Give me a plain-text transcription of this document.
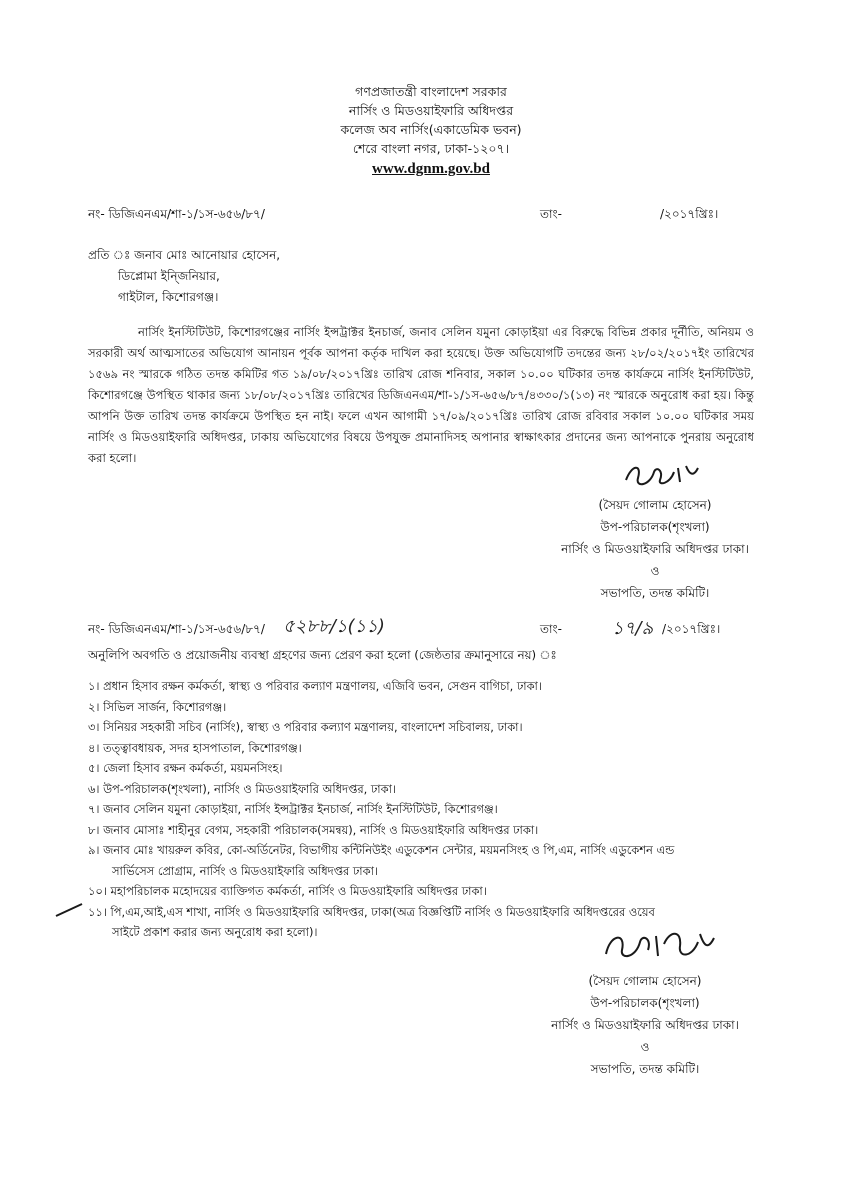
গণপ্রজাতন্ত্রী বাংলাদেশ সরকার
নার্সিং ও মিডওয়াইফারি অধিদপ্তর
কলেজ অব নার্সিং(একাডেমিক ভবন)
শেরে বাংলা নগর, ঢাকা-১২০৭।
www.dgnm.gov.bd
নং- ডিজিএনএম/শা-১/১স-৬৫৬/৮৭/	তাং-	/২০১৭খ্রিঃ।
প্রতি ঃ জনাব মোঃ আনোয়ার হোসেন,
ডিপ্লোমা ইন্জিনিয়ার,
গাইটাল, কিশোরগঞ্জ।
নার্সিং ইনস্টিটিউট, কিশোরগঞ্জের নার্সিং ইন্সট্রাক্টর ইনচার্জ, জনাব সেলিন যমুনা কোড়াইয়া এর বিরুদ্ধে বিভিন্ন প্রকার দূর্নীতি, অনিয়ম ও সরকারী অর্থ আত্মসাতের অভিযোগ আনায়ন পূর্বক আপনা কর্তৃক দাখিল করা হয়েছে। উক্ত অভিযোগটি তদন্তের জন্য ২৮/০২/২০১৭ইং তারিখের ১৫৬৯ নং স্মারকে গঠিত তদন্ত কমিটির গত ১৯/০৮/২০১৭খ্রিঃ তারিখ রোজ শনিবার, সকাল ১০.০০ ঘটিকার তদন্ত কার্যক্রমে নার্সিং ইনস্টিটিউট, কিশোরগঞ্জে উপস্থিত থাকার জন্য ১৮/০৮/২০১৭খ্রিঃ তারিখের ডিজিএনএম/শা-১/১স-৬৫৬/৮৭/৪৩৩০/১(১৩) নং স্মারকে অনুরোধ করা হয়। কিন্তু আপনি উক্ত তারিখ তদন্ত কার্যক্রমে উপস্থিত হন নাই। ফলে এখন আগামী ১৭/০৯/২০১৭খ্রিঃ তারিখ রোজ রবিবার সকাল ১০.০০ ঘটিকার সময় নার্সিং ও মিডওয়াইফারি অধিদপ্তর, ঢাকায় অভিযোগের বিষয়ে উপযুক্ত প্রমানাদিসহ অপানার স্বাক্ষাৎকার প্রদানের জন্য আপনাকে পুনরায় অনুরোধ করা হলো।
(সৈয়দ গোলাম হোসেন)
উপ-পরিচালক(শৃংখলা)
নার্সিং ও মিডওয়াইফারি অধিদপ্তর ঢাকা।
ও
সভাপতি, তদন্ত কমিটি।
নং- ডিজিএনএম/শা-১/১স-৬৫৬/৮৭/ ৫২৮৮/১(১১)	তাং-	১৭/৯ /২০১৭খ্রিঃ।
অনুলিপি অবগতি ও প্রয়োজনীয় ব্যবস্থা গ্রহণের জন্য প্রেরণ করা হলো (জেষ্ঠতার ক্রমানুসারে নয়) ঃ
১। প্রধান হিসাব রক্ষন কর্মকর্তা, স্বাস্থ্য ও পরিবার কল্যাণ মন্ত্রণালয়, এজিবি ভবন, সেগুন বাগিচা, ঢাকা।
২। সিভিল সার্জন, কিশোরগঞ্জ।
৩। সিনিয়র সহকারী সচিব (নার্সিং), স্বাস্থ্য ও পরিবার কল্যাণ মন্ত্রণালয়, বাংলাদেশ সচিবালয়, ঢাকা।
৪। তত্ত্বাবধায়ক, সদর হাসপাতাল, কিশোরগঞ্জ।
৫। জেলা হিসাব রক্ষন কর্মকর্তা, ময়মনসিংহ।
৬। উপ-পরিচালক(শৃংখলা), নার্সিং ও মিডওয়াইফারি অধিদপ্তর, ঢাকা।
৭। জনাব সেলিন যমুনা কোড়াইয়া, নার্সিং ইন্সট্রাক্টর ইনচার্জ, নার্সিং ইনস্টিটিউট, কিশোরগঞ্জ।
৮। জনাব মোসাঃ শাহীনুর বেগম, সহকারী পরিচালক(সমন্বয়), নার্সিং ও মিডওয়াইফারি অধিদপ্তর ঢাকা।
৯। জনাব মোঃ খায়রুল কবির, কো-অর্ডিনেটর, বিভাগীয় কন্টিনিউইং এডুকেশন সেন্টার, ময়মনসিংহ ও পি,এম, নার্সিং এডুকেশন এন্ড
সার্ভিসেস প্রোগ্রাম, নার্সিং ও মিডওয়াইফারি অধিদপ্তর ঢাকা।
১০। মহাপরিচালক মহোদয়ের ব্যাক্তিগত কর্মকর্তা, নার্সিং ও মিডওয়াইফারি অধিদপ্তর ঢাকা।
১১। পি,এম,আই,এস শাখা, নার্সিং ও মিডওয়াইফারি অধিদপ্তর, ঢাকা(অত্র বিজ্ঞপ্তিটি নার্সিং ও মিডওয়াইফারি অধিদপ্তরের ওয়েব
সাইটে প্রকাশ করার জন্য অনুরোধ করা হলো)।
(সৈয়দ গোলাম হোসেন)
উপ-পরিচালক(শৃংখলা)
নার্সিং ও মিডওয়াইফারি অধিদপ্তর ঢাকা।
ও
সভাপতি, তদন্ত কমিটি।
